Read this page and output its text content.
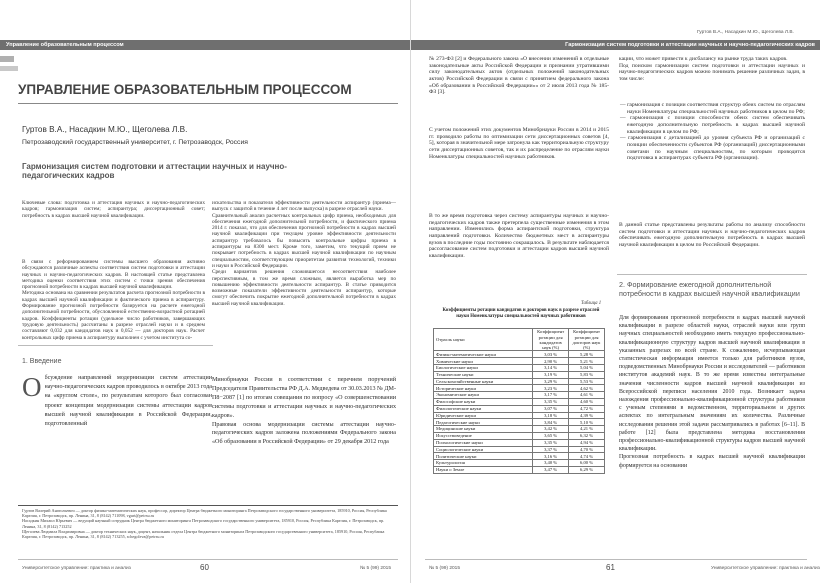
Управление образовательным процессом
УПРАВЛЕНИЕ ОБРАЗОВАТЕЛЬНЫМ ПРОЦЕССОМ
Гуртов В.А., Насадкин М.Ю., Щеголева Л.В.
Петрозаводский государственный университет, г. Петрозаводск, Россия
Гармонизация систем подготовки и аттестации научных и научно-педагогических кадров
Ключевые слова: подготовка и аттестация научных и научно-педагогических кадров; гармонизация систем; аспирантура; диссертационный совет; потребность в кадрах высшей научной квалификации.
В связи с реформированием системы высшего образования активно обсуждаются различные аспекты соответствия систем подготовки и аттестации научных и научно-педагогических кадров. В настоящей статье представлена методика оценки соответствия этих систем с точки зрения обеспечения прогнозной потребности в кадрах высшей научной квалификации.
Методика основана на сравнении результатов расчета прогнозной потребности в кадрах высшей научной квалификации и фактического приема в аспирантуру. Формирование прогнозной потребности базируется на расчете ежегодной дополнительной потребности, обусловленной естественно-возрастной ротацией кадров. Коэффициенты ротации (удельное число работников, завершающих трудовую деятельность) рассчитаны в разрезе отраслей науки и в среднем составляют 0,032 для кандидатов наук и 0,052 — для докторов наук. Расчет контрольных цифр приема в аспирантуру выполнен с учетом института со-
искательства и показателя эффективности деятельности аспирантур (приема—выпуск с защитой в течение 4 лет после выпуска) в разрезе отраслей науки.
Сравнительный анализ расчетных контрольных цифр приема, необходимых для обеспечения ежегодной дополнительной потребности, и фактического приема 2014 г. показал, что для обеспечения прогнозной потребности в кадрах высшей научной квалификации при текущем уровне эффективности деятельности аспирантур требовалось бы повысить контрольные цифры приема в аспирантуры на 8300 мест. Кроме того, заметим, что текущий прием не покрывает потребность в кадрах высшей научной квалификации по научным специальностям, соответствующим приоритетам развития технологий, техники и науки в Российской Федерации.
Среди вариантов решения сложившегося несоответствия наиболее перспективным, в том же время сложным, является выработка мер по повышению эффективности деятельности аспирантур. В статье приводится возможные показатели эффективности деятельности аспирантур, которые смогут обеспечить покрытие ежегодной дополнительной потребности в кадрах высшей научной квалификации.
1. Введение
О бсуждение направлений модернизации систем аттестации научно-педагогических кадров проводилось в октябре 2013 года на «круглом столе», по результатам которого был согласован проект концепции модернизации системы аттестации кадров высшей научной квалификации в Российской Федерации, подготовленный
Минобрнауки России в соответствии с перечнем поручений Председателя Правительства РФ Д.А. Медведева от 30.03.2013 № ДМ-П8−2087 [1] по итогам совещания по вопросу «О совершенствовании системы подготовки и аттестации научных и научно-педагогических кадров».
Правовая основа модернизации системы аттестации научно-педагогических кадров заложена положениями Федерального закона «Об образовании в Российской Федерации» от 29 декабря 2012 года
Гуртов Валерий Анатольевич — доктор физико-математических наук, профессор, директор Центра бюджетного мониторинга Петрозаводского государственного университета, 185910, Россия, Республика Карелия, г. Петрозаводск, пр. Ленина, 31, 8 (8142) 711098, vgurt@petrsu.ru
Насадкин Михаил Юрьевич — ведущий научный сотрудник Центра бюджетного мониторинга Петрозаводского государственного университета, 185910, Россия, Республика Карелия, г. Петрозаводск, пр. Ленина, 31, 8 (8142) 713252
Щеголева Людмила Владимировна — доктор технических наук, доцент, начальник отдела Центра бюджетного мониторинга Петрозаводского государственного университета, 185910, Россия, Республика Карелия, г. Петрозаводск, пр. Ленина, 31, 8 (8142) 713255, schegoleva@petrsu.ru
Университетское управление: практика и анализ	60	№ 5 (99) 2015
Гуртов В.А., Насадкин М.Ю., Щеголева Л.В.
Гармонизация систем подготовки и аттестации научных и научно-педагогических кадров
№ 273-ФЗ [2] и Федерального закона «О внесении изменений в отдельные законодательные акты Российской Федерации и признании утратившими силу законодательных актов (отдельных положений законодательных актов) Российской Федерации в связи с принятием федерального закона «Об образовании в Российской Федерации»» от 2 июля 2013 года № 185-ФЗ [3].
С учетом положений этих документов Минобрнауки России в 2014 и 2015 гг. проводило работы по оптимизации сети диссертационных советов [4, 5], которая в значительной мере затронула как территориальную структуру сети диссертационных советов, так и их распределение по отраслям науки Номенклатуры специальностей научных работников.
В то же время подготовка через систему аспирантуры научных и научно-педагогических кадров также претерпела существенные изменения в этом направлении. Изменились форма аспирантской подготовки, структура направлений подготовки. Количество бюджетных мест в аспирантуры вузов в последние годы постоянно сокращалось. В результате наблюдается рассогласование систем подготовки и аттестации кадров высшей научной квалификации.
Таблица 1
Коэффициенты ротации кандидатов и докторов наук в разрезе отраслей науки Номенклатуры специальностей научных работников
Отрасль науки	Коэффициент ротации для кандидатов наук (%)	Коэффициент ротации для докторов наук (%)
Физико-математические науки	3,03 %	5,28 %
Химические науки	2,90 %	5,21 %
Биологические науки	3,14 %	5,04 %
Технические науки	3,19 %	5,83 %
Сельскохозяйственные науки	3,29 %	5,53 %
Исторические науки	3,23 %	4,62 %
Экономические науки	3,17 %	4,61 %
Философские науки	3,35 %	4,60 %
Филологические науки	3,07 %	4,72 %
Юридические науки	3,18 %	4,39 %
Педагогические науки	3,84 %	5,10 %
Медицинские науки	3,42 %	4,21 %
Искусствоведение	3,65 %	6,32 %
Психологические науки	3,35 %	4,94 %
Социологические науки	3,37 %	4,70 %
Политические науки	3,16 %	4,74 %
Культурология	3,40 %	6,00 %
Науки о Земле	3,47 %	6,29 %
кации, что может привести к дисбалансу на рынке труда таких кадров.
Под поиском гармонизации систем подготовки и аттестации научных и научно-педагогических кадров можно понимать решение различных задач, в том числе:
— гармонизация с позиции соответствия структур обеих систем по отраслям науки Номенклатуры специальностей научных работников в целом по РФ;
— гармонизация с позиции способности обеих систем обеспечивать ежегодную дополнительную потребность в кадрах высшей научной квалификации в целом по РФ;
— гармонизация с детализацией до уровня субъекта РФ и организаций с позиции обеспеченности субъектов РФ (организаций) диссертационными советами по научным специальностям, по которым проводится подготовка в аспирантурах субъекта РФ (организации).
В данной статье представлены результаты работы по анализу способности систем подготовки и аттестации научных и научно-педагогических кадров обеспечивать ежегодную дополнительную потребность в кадрах высшей научной квалификации в целом по Российской Федерации.
2. Формирование ежегодной дополнительной потребности в кадрах высшей научной квалификации
Для формирования прогнозной потребности в кадрах высшей научной квалификации в разрезе областей науки, отраслей науки или групп научных специальностей необходимо иметь текущую профессионально-квалификационную структуру кадров высшей научной квалификации в указанных разрезах во всей стране. К сожалению, исчерпывающая статистическая информация имеется только для работников вузов, подведомственных Минобрнауки России и исследователей — работников институтов академий наук. В то же время известны интегральные значения численности кадров высшей научной квалификации из Всероссийской переписи населения 2010 года. Возникает задача назождения профессионально-квалификационной структуры работников с ученым степенями в ведомственном, территориальном и других аспектах по интегральным значениям их количества. Различные исследования решения этой задачи рассматривались в работах [6–11]. В работе [12] была представлена методика восстановления профессионально-квалификационной структуры кадров высшей научной квалификации.
Прогнозная потребность в кадрах высшей научной квалификации формируется на основании
№ 5 (99) 2015	61	Университетское управление: практика и анализ
